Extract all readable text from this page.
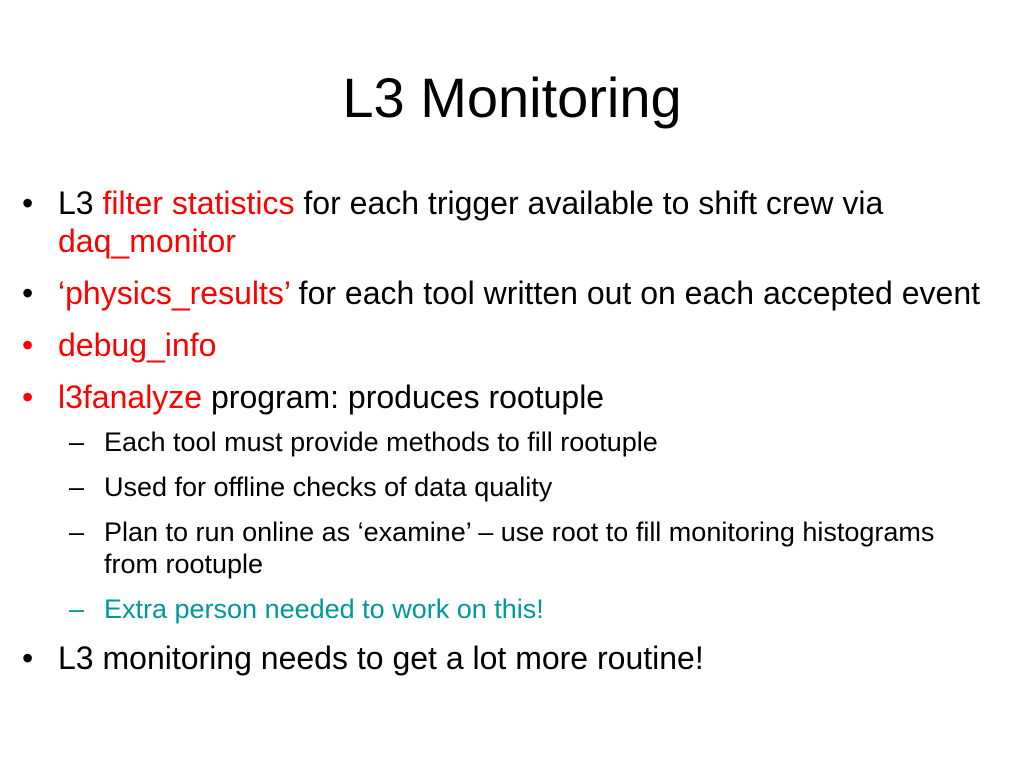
L3 Monitoring
• L3 filter statistics for each trigger available to shift crew via daq_monitor
• ‘physics_results’ for each tool written out on each accepted event
• debug_info
• l3fanalyze program: produces rootuple
– Each tool must provide methods to fill rootuple
– Used for offline checks of data quality
– Plan to run online as ‘examine’ – use root to fill monitoring histograms from rootuple
– Extra person needed to work on this!
• L3 monitoring needs to get a lot more routine!
